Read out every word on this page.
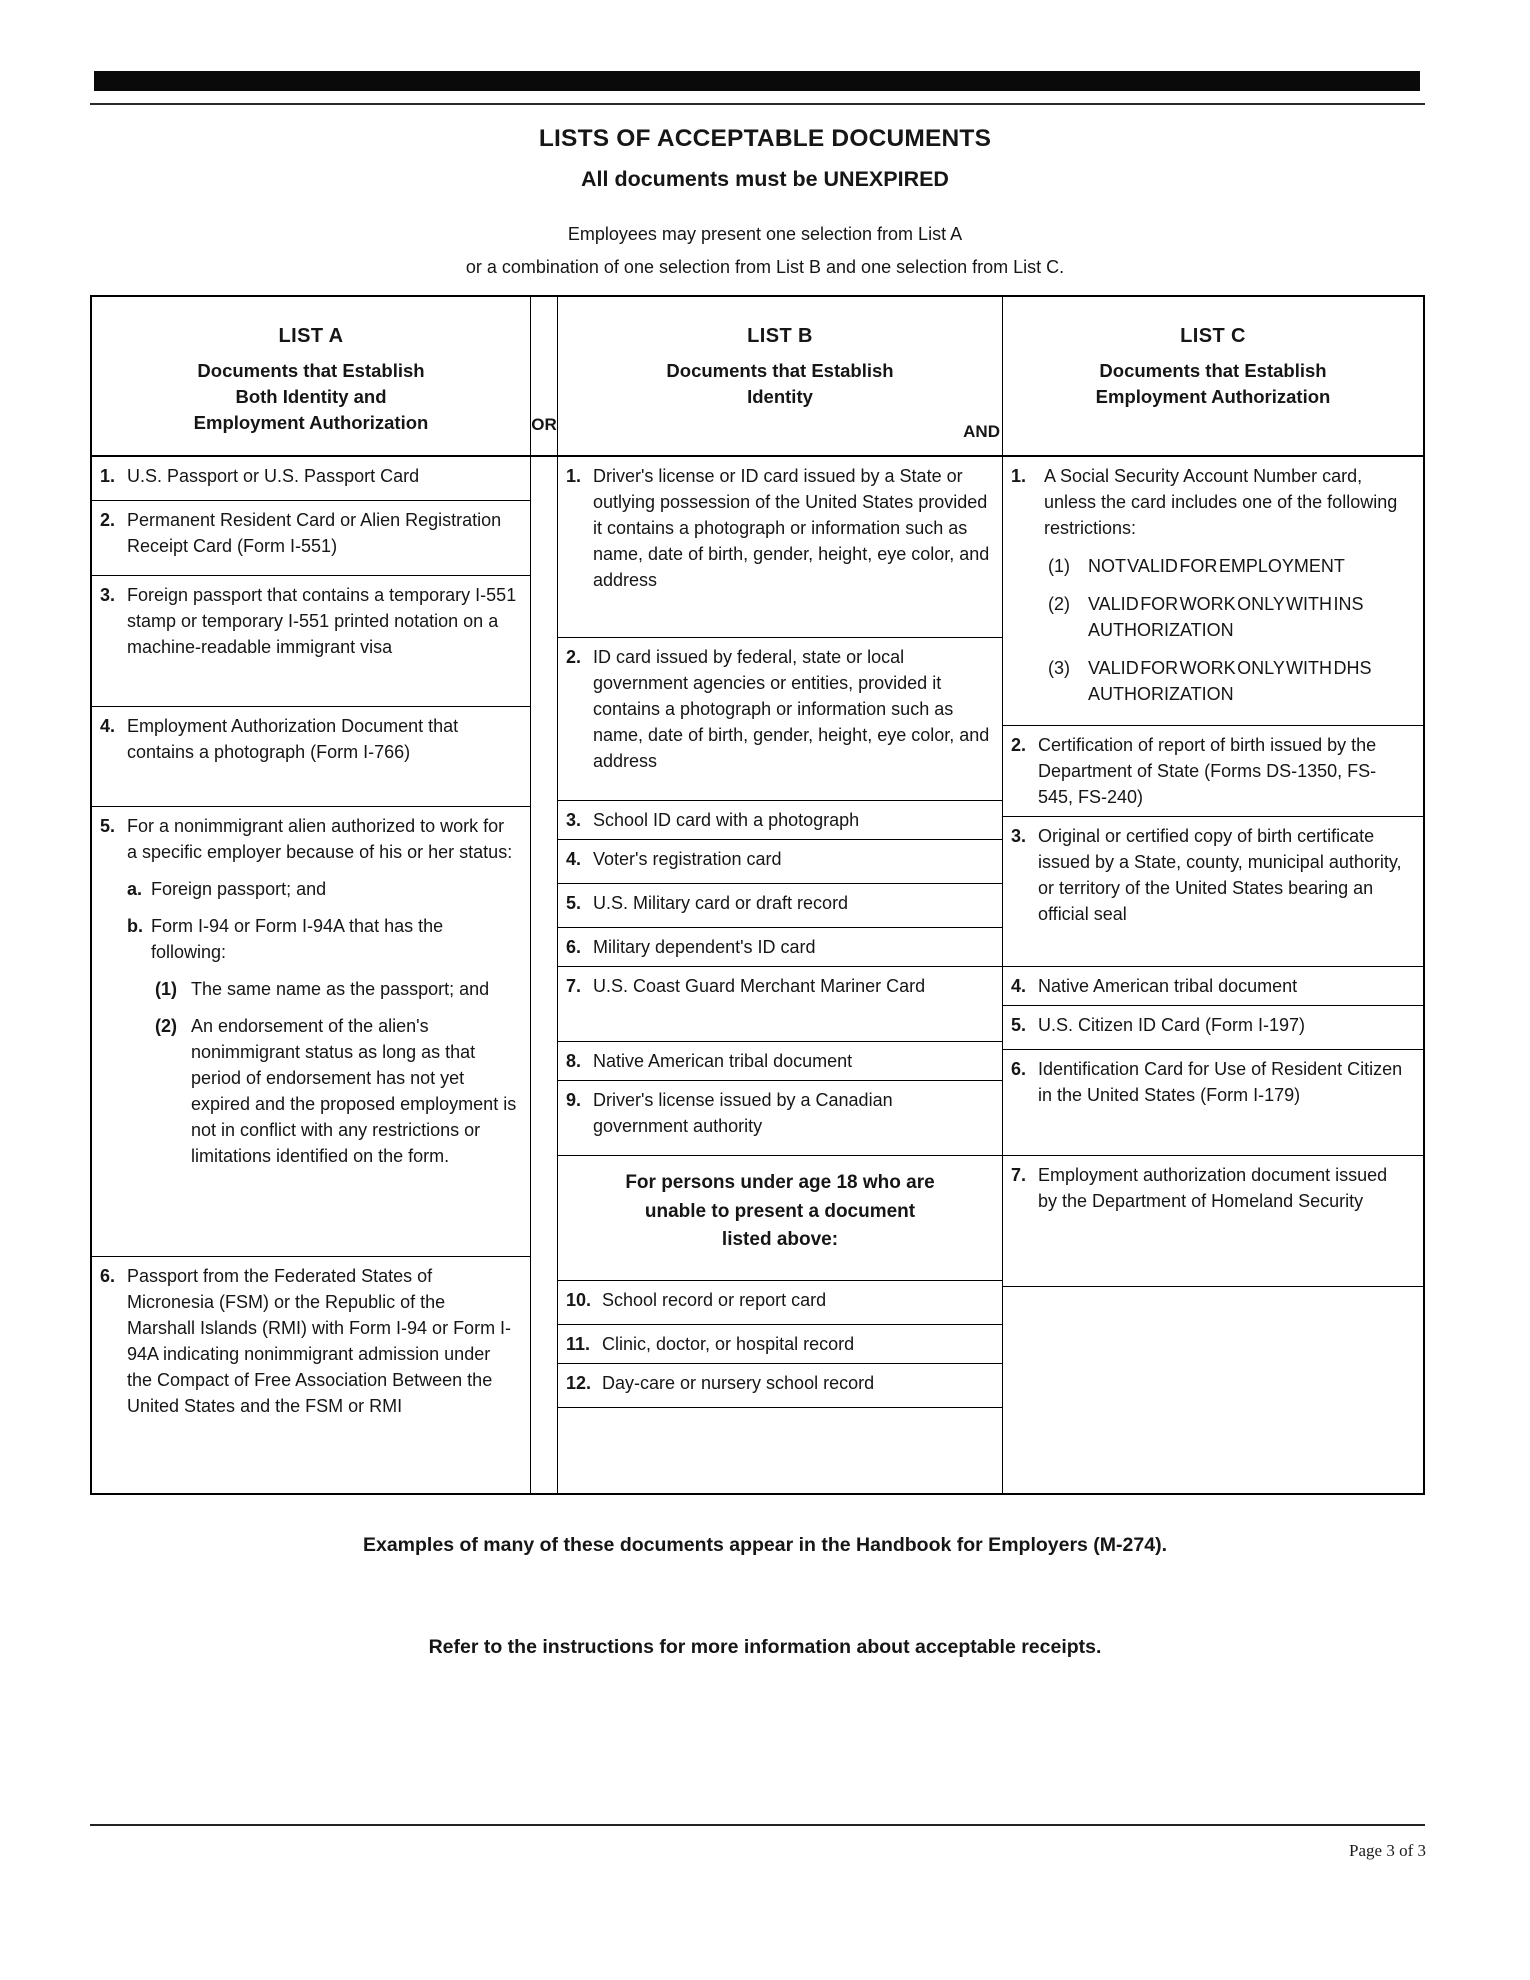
LISTS OF ACCEPTABLE DOCUMENTS
All documents must be UNEXPIRED
Employees may present one selection from List A
or a combination of one selection from List B and one selection from List C.
LIST A
Documents that Establish
Both Identity and
Employment Authorization
1. U.S. Passport or U.S. Passport Card
2. Permanent Resident Card or Alien Registration Receipt Card (Form I-551)
3. Foreign passport that contains a temporary I-551 stamp or temporary I-551 printed notation on a machine-readable immigrant visa
4. Employment Authorization Document that contains a photograph (Form I-766)
5. For a nonimmigrant alien authorized to work for a specific employer because of his or her status:
a. Foreign passport; and
b. Form I-94 or Form I-94A that has the following:
(1) The same name as the passport; and
(2) An endorsement of the alien's nonimmigrant status as long as that period of endorsement has not yet expired and the proposed employment is not in conflict with any restrictions or limitations identified on the form.
6. Passport from the Federated States of Micronesia (FSM) or the Republic of the Marshall Islands (RMI) with Form I-94 or Form I-94A indicating nonimmigrant admission under the Compact of Free Association Between the United States and the FSM or RMI
OR	AND
LIST B
Documents that Establish
Identity
1. Driver's license or ID card issued by a State or outlying possession of the United States provided it contains a photograph or information such as name, date of birth, gender, height, eye color, and address
2. ID card issued by federal, state or local government agencies or entities, provided it contains a photograph or information such as name, date of birth, gender, height, eye color, and address
3. School ID card with a photograph
4. Voter's registration card
5. U.S. Military card or draft record
6. Military dependent's ID card
7. U.S. Coast Guard Merchant Mariner Card
8. Native American tribal document
9. Driver's license issued by a Canadian government authority
For persons under age 18 who are
unable to present a document
listed above:
10. School record or report card
11. Clinic, doctor, or hospital record
12. Day-care or nursery school record
LIST C
Documents that Establish
Employment Authorization
1. A Social Security Account Number card, unless the card includes one of the following restrictions:
(1)	NOT VALID FOR EMPLOYMENT
(2)	VALID FOR WORK ONLY WITH INS AUTHORIZATION
(3)	VALID FOR WORK ONLY WITH DHS AUTHORIZATION
2. Certification of report of birth issued by the Department of State (Forms DS-1350, FS-545, FS-240)
3. Original or certified copy of birth certificate issued by a State, county, municipal authority, or territory of the United States bearing an official seal
4. Native American tribal document
5. U.S. Citizen ID Card (Form I-197)
6. Identification Card for Use of Resident Citizen in the United States (Form I-179)
7. Employment authorization document issued by the Department of Homeland Security
Examples of many of these documents appear in the Handbook for Employers (M-274).
Refer to the instructions for more information about acceptable receipts.
Page 3 of 3
